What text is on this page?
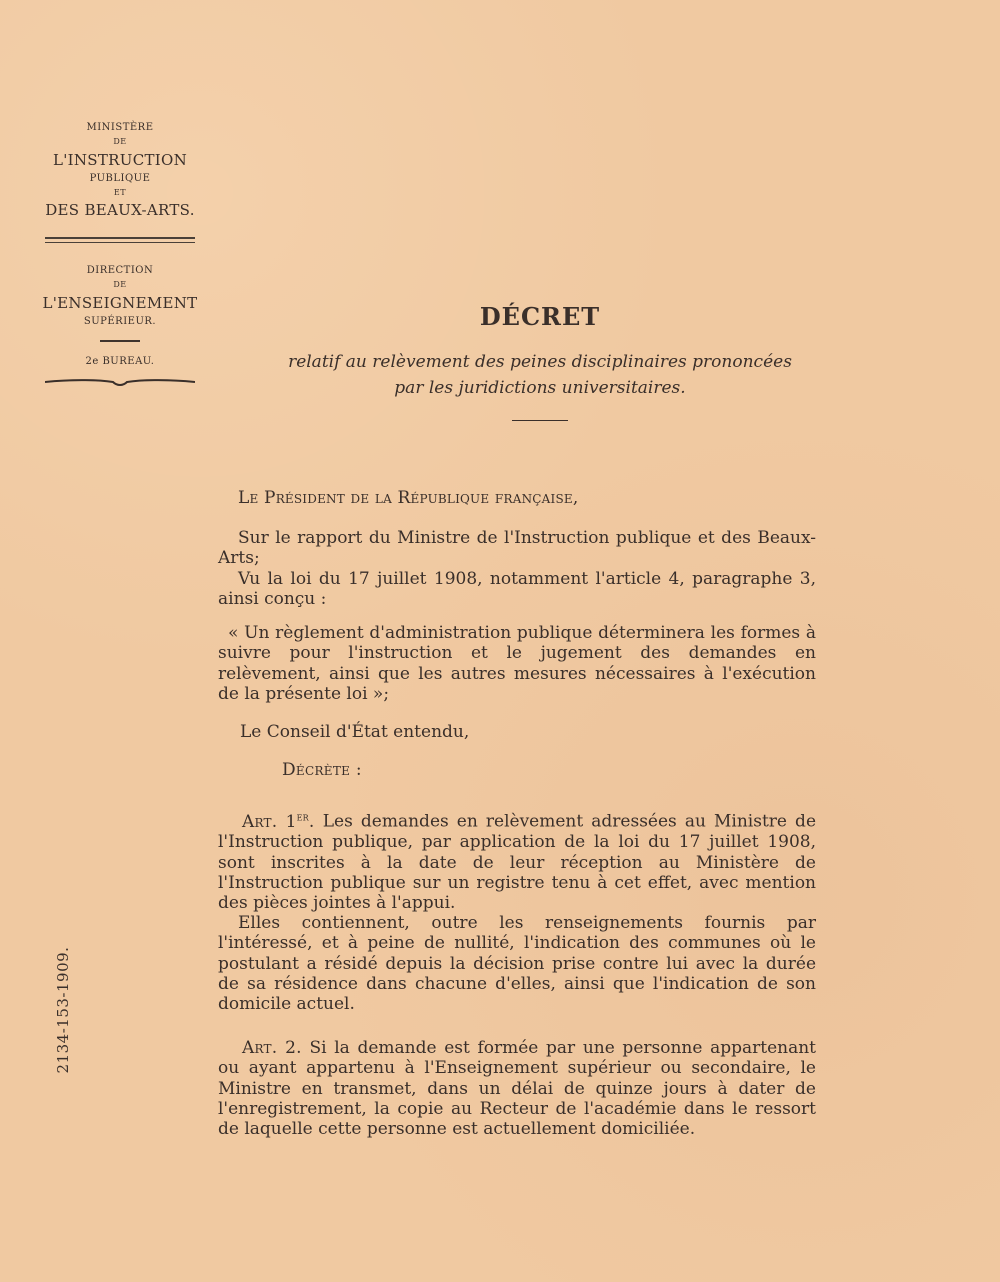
MINISTÈRE

DE

L'INSTRUCTION

PUBLIQUE

ET

DES BEAUX-ARTS.

DIRECTION

DE

L'ENSEIGNEMENT

SUPÉRIEUR.

2e BUREAU.

2134-153-1909.
DÉCRET

relatif au relèvement des peines disciplinaires prononcées

par les juridictions universitaires.

Le Président de la République française,

Sur le rapport du Ministre de l'Instruction publique et des Beaux-Arts;

Vu la loi du 17 juillet 1908, notamment l'article 4, paragraphe 3, ainsi conçu :

« Un règlement d'administration publique déterminera les formes à suivre pour l'instruction et le jugement des demandes en relèvement, ainsi que les autres mesures nécessaires à l'exécution de la présente loi »;

Le Conseil d'État entendu,

Décrète :

Art. 1er. Les demandes en relèvement adressées au Ministre de l'Instruction publique, par application de la loi du 17 juillet 1908, sont inscrites à la date de leur réception au Ministère de l'Instruction publique sur un registre tenu à cet effet, avec mention des pièces jointes à l'appui.

Elles contiennent, outre les renseignements fournis par l'intéressé, et à peine de nullité, l'indication des communes où le postulant a résidé depuis la décision prise contre lui avec la durée de sa résidence dans chacune d'elles, ainsi que l'indication de son domicile actuel.

Art. 2. Si la demande est formée par une personne appartenant ou ayant appartenu à l'Enseignement supérieur ou secondaire, le Ministre en transmet, dans un délai de quinze jours à dater de l'enregistrement, la copie au Recteur de l'académie dans le ressort de laquelle cette personne est actuellement domiciliée.
